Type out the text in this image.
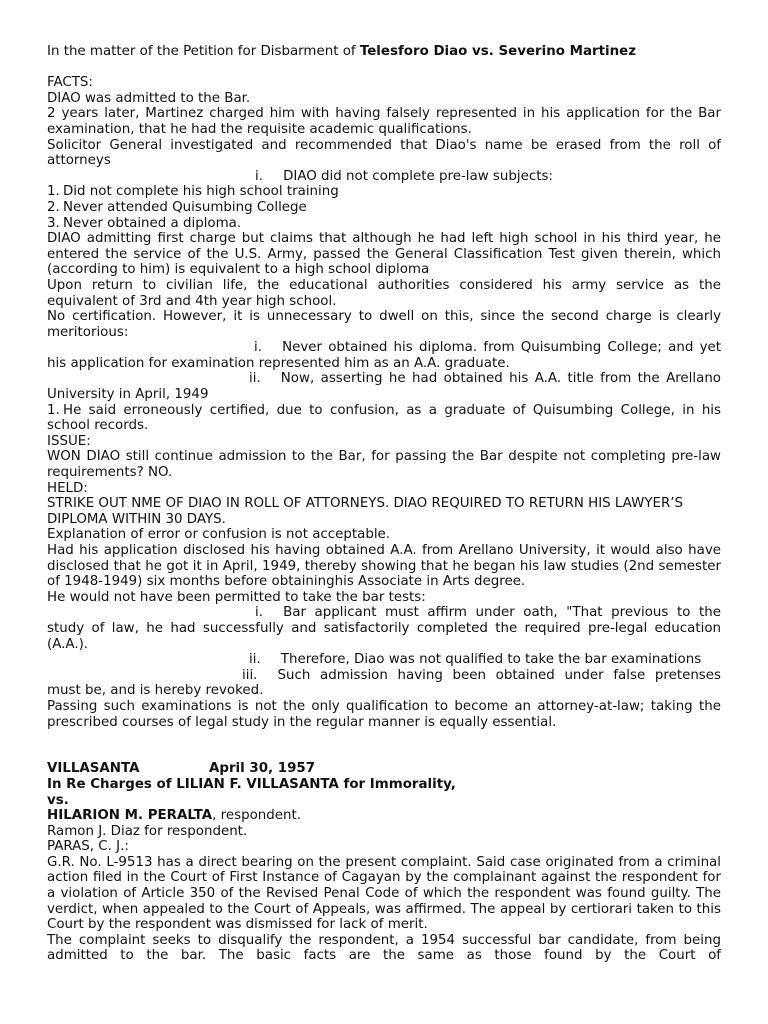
In the matter of the Petition for Disbarment of Telesforo Diao vs. Severino Martinez

FACTS:

DIAO was admitted to the Bar.

2 years later, Martinez charged him with having falsely represented in his application for the Bar examination, that he had the requisite academic qualifications.

Solicitor General investigated and recommended that Diao's name be erased from the roll of attorneys

i.  DIAO did not complete pre-law subjects:

1. Did not complete his high school training

2. Never attended Quisumbing College

3. Never obtained a diploma.

DIAO admitting first charge but claims that although he had left high school in his third year, he entered the service of the U.S. Army, passed the General Classification Test given therein, which (according to him) is equivalent to a high school diploma

Upon return to civilian life, the educational authorities considered his army service as the equivalent of 3rd and 4th year high school.

No certification. However, it is unnecessary to dwell on this, since the second charge is clearly meritorious:

i.  Never obtained his diploma. from Quisumbing College; and yet his application for examination represented him as an A.A. graduate.

ii.  Now, asserting he had obtained his A.A. title from the Arellano University in April, 1949

1. He said erroneously certified, due to confusion, as a graduate of Quisumbing College, in his school records.

ISSUE:

WON DIAO still continue admission to the Bar, for passing the Bar despite not completing pre-law requirements? NO.

HELD:

STRIKE OUT NME OF DIAO IN ROLL OF ATTORNEYS. DIAO REQUIRED TO RETURN HIS LAWYER’S DIPLOMA WITHIN 30 DAYS.

Explanation of error or confusion is not acceptable.

Had his application disclosed his having obtained A.A. from Arellano University, it would also have disclosed that he got it in April, 1949, thereby showing that he began his law studies (2nd semester of 1948-1949) six months before obtaininghis Associate in Arts degree.

He would not have been permitted to take the bar tests:

i.  Bar applicant must affirm under oath, "That previous to the study of law, he had successfully and satisfactorily completed the required pre-legal education (A.A.).

ii.  Therefore, Diao was not qualified to take the bar examinations

iii.  Such admission having been obtained under false pretenses must be, and is hereby revoked.

Passing such examinations is not the only qualification to become an attorney-at-law; taking the prescribed courses of legal study in the regular manner is equally essential.

VILLASANTA	April 30, 1957

In Re Charges of LILIAN F. VILLASANTA for Immorality,

vs.

HILARION M. PERALTA, respondent.

Ramon J. Diaz for respondent.

PARAS, C. J.:

G.R. No. L-9513 has a direct bearing on the present complaint. Said case originated from a criminal action filed in the Court of First Instance of Cagayan by the complainant against the respondent for a violation of Article 350 of the Revised Penal Code of which the respondent was found guilty. The verdict, when appealed to the Court of Appeals, was affirmed. The appeal by certiorari taken to this Court by the respondent was dismissed for lack of merit.

The complaint seeks to disqualify the respondent, a 1954 successful bar candidate, from being admitted to the bar. The basic facts are the same as those found by the Court of
